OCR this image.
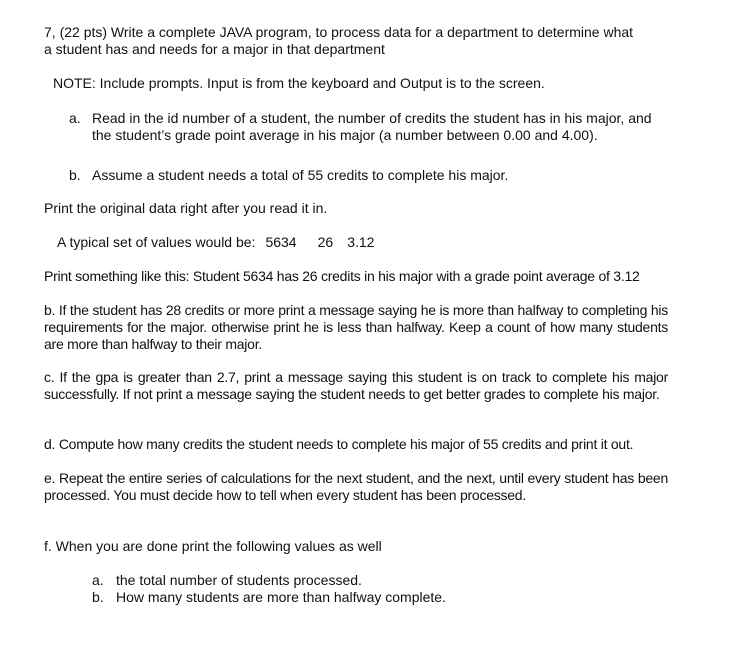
7, (22 pts) Write a complete JAVA program, to process data for a department to determine what
a student has and needs for a major in that department
NOTE: Include prompts. Input is from the keyboard and Output is to the screen.
a. Read in the id number of a student, the number of credits the student has in his major, and
the student’s grade point average in his major (a number between 0.00 and 4.00).
b. Assume a student needs a total of 55 credits to complete his major.
Print the original data right after you read it in.
A typical set of values would be: 5634 26 3.12
Print something like this: Student 5634 has 26 credits in his major with a grade point average of 3.12
b. If the student has 28 credits or more print a message saying he is more than halfway to completing his requirements for the major. otherwise print he is less than halfway. Keep a count of how many students are more than halfway to their major.
c. If the gpa is greater than 2.7, print a message saying this student is on track to complete his major successfully. If not print a message saying the student needs to get better grades to complete his major.
d. Compute how many credits the student needs to complete his major of 55 credits and print it out.
e. Repeat the entire series of calculations for the next student, and the next, until every student has been processed. You must decide how to tell when every student has been processed.
f. When you are done print the following values as well
a. the total number of students processed.
b. How many students are more than halfway complete.
